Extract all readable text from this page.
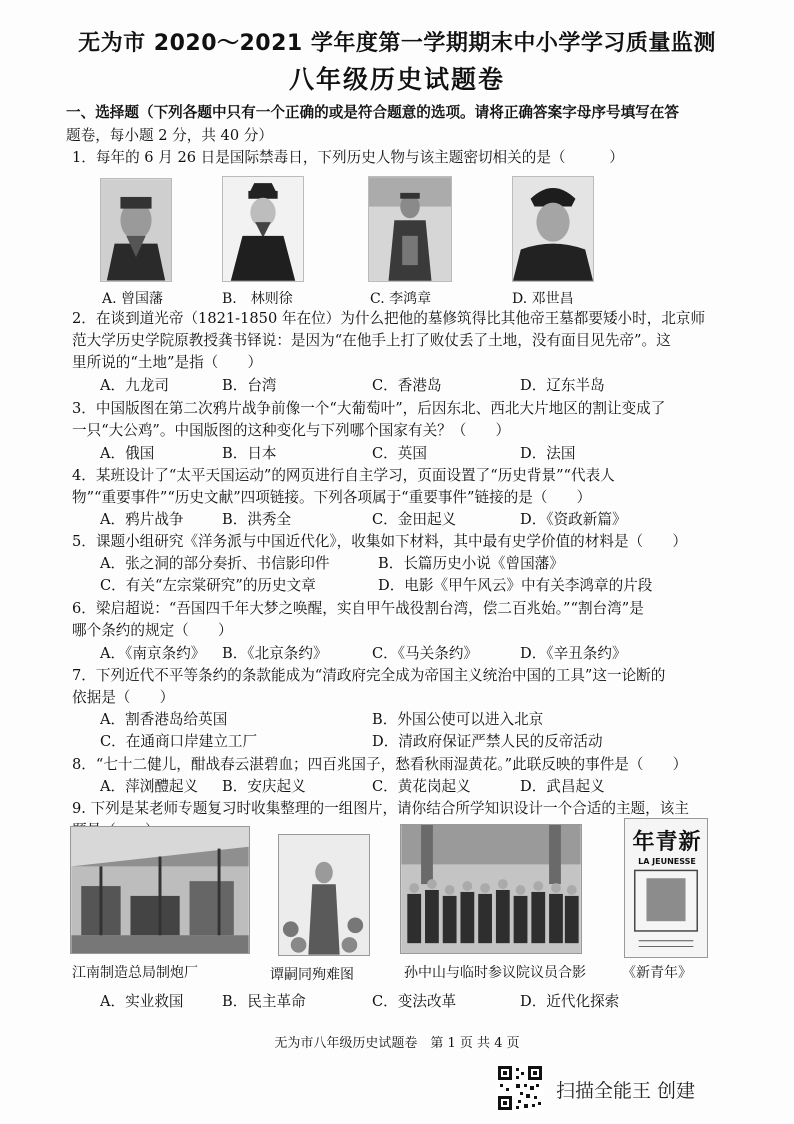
无为市 2020～2021 学年度第一学期期末中小学学习质量监测
八年级历史试题卷
一、选择题（下列各题中只有一个正确的或是符合题意的选项。请将正确答案字母序号填写在答
题卷，每小题 2 分，共 40 分）
1．每年的 6 月 26 日是国际禁毒日，下列历史人物与该主题密切相关的是（　　　）
A. 曾国藩	B.　林则徐	C. 李鸿章	D. 邓世昌
2．在谈到道光帝（1821-1850 年在位）为什么把他的墓修筑得比其他帝王墓都要矮小时，北京师
范大学历史学院原教授龚书铎说：是因为“在他手上打了败仗丢了土地，没有面目见先帝”。这
里所说的“土地”是指（　　）
A．九龙司	B．台湾	C．香港岛	D．辽东半岛
3．中国版图在第二次鸦片战争前像一个“大葡萄叶”，后因东北、西北大片地区的割让变成了
一只“大公鸡”。中国版图的这种变化与下列哪个国家有关？（　　）
A．俄国	B．日本	C．英国	D．法国
4．某班设计了“太平天国运动”的网页进行自主学习，页面设置了“历史背景”“代表人
物”“重要事件”“历史文献”四项链接。下列各项属于“重要事件”链接的是（　　）
A．鸦片战争	B．洪秀全	C．金田起义	D．《资政新篇》
5．课题小组研究《洋务派与中国近代化》，收集如下材料，其中最有史学价值的材料是（　　）
A．张之洞的部分奏折、书信影印件	B．长篇历史小说《曾国藩》
C．有关“左宗棠研究”的历史文章	D．电影《甲午风云》中有关李鸿章的片段
6．梁启超说：“吾国四千年大梦之唤醒，实自甲午战役割台湾，偿二百兆始。”“割台湾”是
哪个条约的规定（　　）
A．《南京条约》 B．《北京条约》	C．《马关条约》	D．《辛丑条约》
7．下列近代不平等条约的条款能成为“清政府完全成为帝国主义统治中国的工具”这一论断的
依据是（　　）
A．割香港岛给英国	B．外国公使可以进入北京
C．在通商口岸建立工厂	D．清政府保证严禁人民的反帝活动
8．“七十二健儿，酣战春云湛碧血；四百兆国子，愁看秋雨湿黄花。”此联反映的事件是（　　）
A．萍浏醴起义 B．安庆起义	C．黄花岗起义	D．武昌起义
9. 下列是某老师专题复习时收集整理的一组图片，请你结合所学知识设计一个合适的主题，该主
年青新
LA JEUNESSE
江南制造总局制炮厂	谭嗣同殉难图	孙中山与临时参议院议员合影	《新青年》
A．实业救国	B．民主革命	C．变法改革	D．近代化探索
无为市八年级历史试题卷　第 1 页 共 4 页
扫描全能王 创建
